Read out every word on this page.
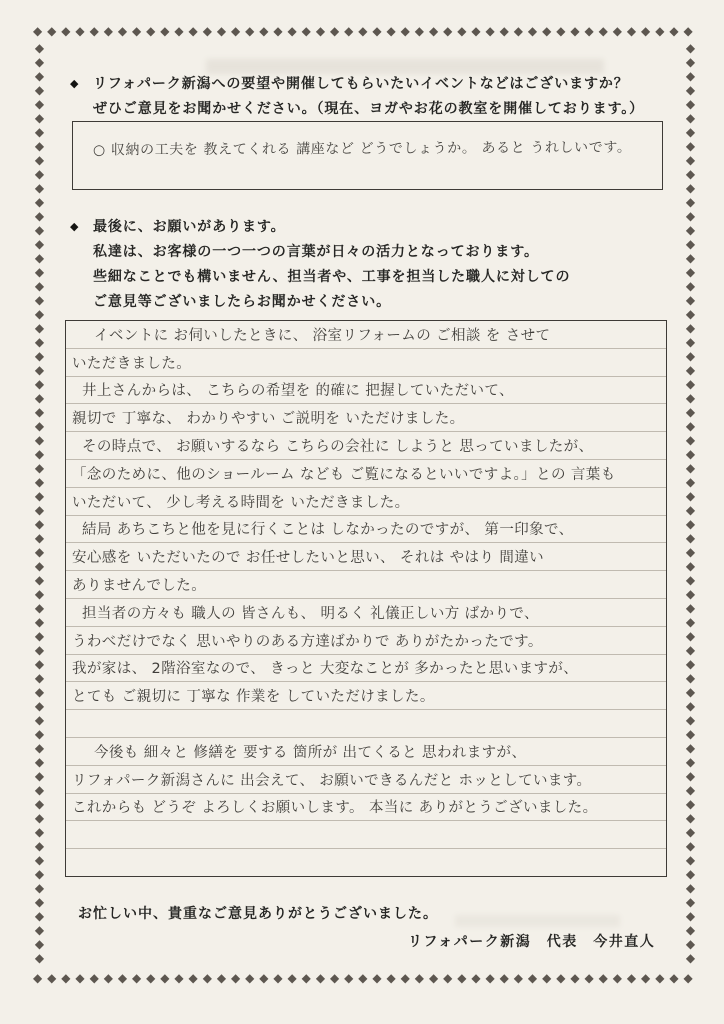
◆ ◆ ◆ ◆ ◆ ◆ ◆ ◆ ◆ ◆ ◆ ◆ ◆ ◆ ◆ ◆ ◆ ◆ ◆ ◆ ◆ ◆ ◆ ◆ ◆ ◆ ◆ ◆ ◆ ◆ ◆ ◆ ◆ ◆ ◆ ◆ ◆ ◆ ◆ ◆ ◆ ◆ ◆ ◆ ◆ ◆ ◆
◆ ◆ ◆ ◆ ◆ ◆ ◆ ◆ ◆ ◆ ◆ ◆ ◆ ◆ ◆ ◆ ◆ ◆ ◆ ◆ ◆ ◆ ◆ ◆ ◆ ◆ ◆ ◆ ◆ ◆ ◆ ◆ ◆ ◆ ◆ ◆ ◆ ◆ ◆ ◆ ◆ ◆ ◆ ◆ ◆ ◆ ◆
◆
◆
◆
◆
◆
◆
◆
◆
◆
◆
◆
◆
◆
◆
◆
◆
◆
◆
◆
◆
◆
◆
◆
◆
◆
◆
◆
◆
◆
◆
◆
◆
◆
◆
◆
◆
◆
◆
◆
◆
◆
◆
◆
◆
◆
◆
◆
◆
◆
◆
◆
◆
◆
◆
◆
◆
◆
◆
◆
◆
◆
◆
◆
◆
◆
◆
◆
◆
◆
◆
◆
◆
◆
◆
◆
◆
◆
◆
◆
◆
◆
◆
◆
◆
◆
◆
◆
◆
◆
◆
◆
◆
◆
◆
◆
◆
◆
◆
◆
◆
◆
◆
◆
◆
◆
◆
◆
◆
◆
◆
◆
◆
◆
◆
◆
◆
◆
◆
◆
◆
◆
◆
◆
◆
◆
◆
◆
◆
◆
◆
◆
◆
◆ リフォパーク新潟への要望や開催してもらいたいイベントなどはございますか？
ぜひご意見をお聞かせください。（現在、ヨガやお花の教室を開催しております。）
○ 収納の工夫を 教えてくれる 講座など どうでしょうか。 あると うれしいです。
◆ 最後に、お願いがあります。
私達は、お客様の一つ一つの言葉が日々の活力となっております。
些細なことでも構いません、担当者や、工事を担当した職人に対しての
ご意見等ございましたらお聞かせください。
イベントに お伺いしたときに、 浴室リフォームの ご相談 を させて
いただきました。
井上さんからは、 こちらの希望を 的確に 把握していただいて、
親切で 丁寧な、 わかりやすい ご説明を いただけました。
その時点で、 お願いするなら こちらの会社に しようと 思っていましたが、
「念のために、他のショールーム なども ご覧になるといいですよ。」との 言葉も
いただいて、 少し考える時間を いただきました。
結局 あちこちと他を見に行くことは しなかったのですが、 第一印象で、
安心感を いただいたので お任せしたいと思い、 それは やはり 間違い
ありませんでした。
担当者の方々も 職人の 皆さんも、 明るく 礼儀正しい方 ばかりで、
うわべだけでなく 思いやりのある方達ばかりで ありがたかったです。
我が家は、 2階浴室なので、 きっと 大変なことが 多かったと思いますが、
とても ご親切に 丁寧な 作業を していただけました。
今後も 細々と 修繕を 要する 箇所が 出てくると 思われますが、
リフォパーク新潟さんに 出会えて、 お願いできるんだと ホッとしています。
これからも どうぞ よろしくお願いします。 本当に ありがとうございました。
お忙しい中、貴重なご意見ありがとうございました。
リフォパーク新潟　代表　今井直人
